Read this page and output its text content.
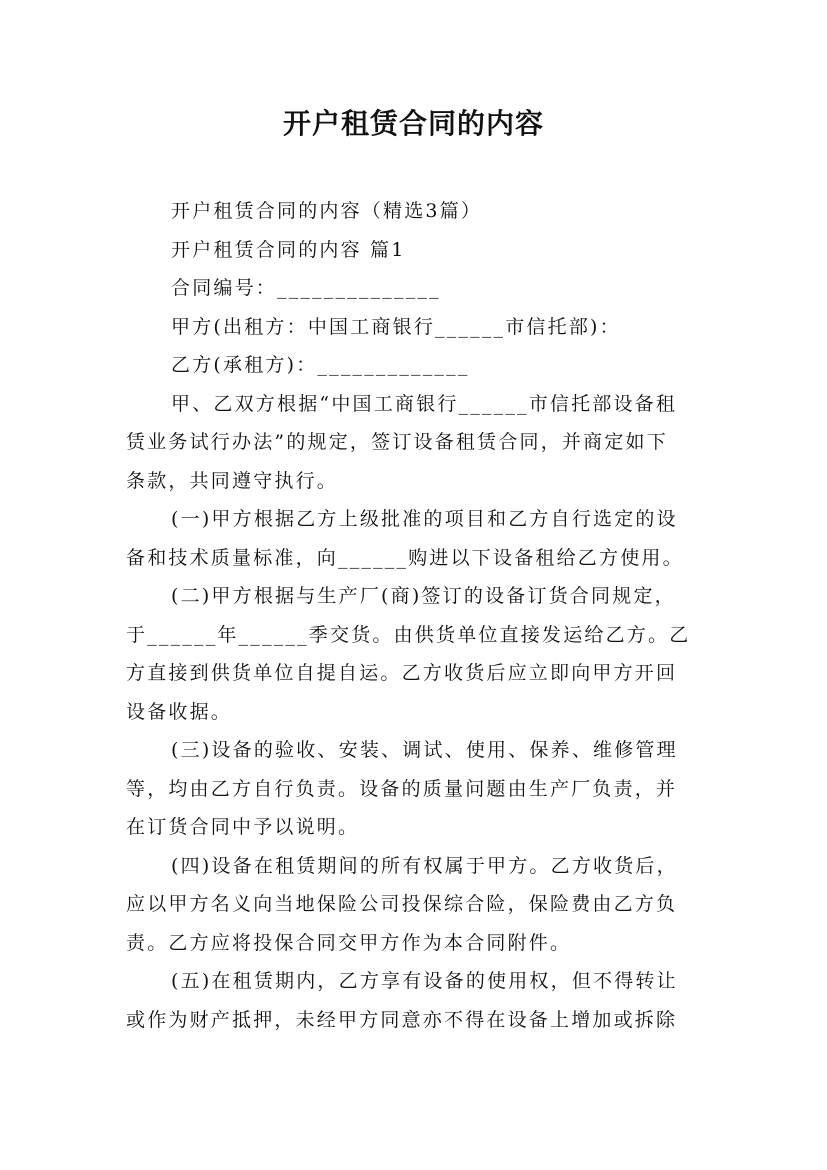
开户租赁合同的内容
开户租赁合同的内容（精选3篇）
开户租赁合同的内容 篇1
合同编号：______________
甲方(出租方：中国工商银行______市信托部)：
乙方(承租方)：_____________
甲、乙双方根据“中国工商银行______市信托部设备租
赁业务试行办法”的规定，签订设备租赁合同，并商定如下
条款，共同遵守执行。
(一)甲方根据乙方上级批准的项目和乙方自行选定的设
备和技术质量标准，向______购进以下设备租给乙方使用。
(二)甲方根据与生产厂(商)签订的设备订货合同规定，
于______年______季交货。由供货单位直接发运给乙方。乙
方直接到供货单位自提自运。乙方收货后应立即向甲方开回
设备收据。
(三)设备的验收、安装、调试、使用、保养、维修管理
等，均由乙方自行负责。设备的质量问题由生产厂负责，并
在订货合同中予以说明。
(四)设备在租赁期间的所有权属于甲方。乙方收货后，
应以甲方名义向当地保险公司投保综合险，保险费由乙方负
责。乙方应将投保合同交甲方作为本合同附件。
(五)在租赁期内，乙方享有设备的使用权，但不得转让
或作为财产抵押，未经甲方同意亦不得在设备上增加或拆除
